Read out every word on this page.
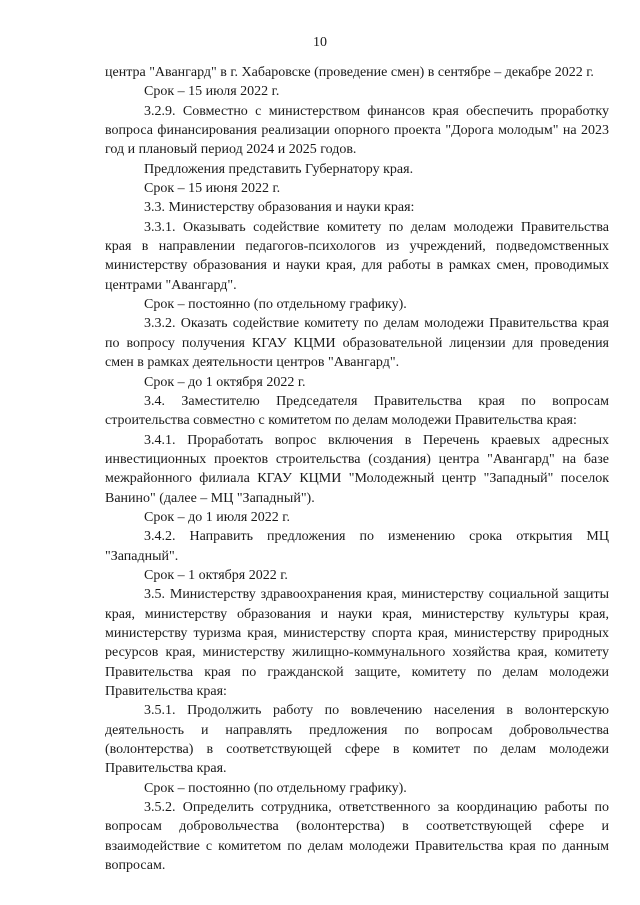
10

центра "Авангард" в г. Хабаровске (проведение смен) в сентябре – декабре 2022 г.

Срок – 15 июля 2022 г.

3.2.9. Совместно с министерством финансов края обеспечить проработку вопроса финансирования реализации опорного проекта "Дорога молодым" на 2023 год и плановый период 2024 и 2025 годов.

Предложения представить Губернатору края.

Срок – 15 июня 2022 г.

3.3. Министерству образования и науки края:

3.3.1. Оказывать содействие комитету по делам молодежи Правительства края в направлении педагогов-психологов из учреждений, подведомственных министерству образования и науки края, для работы в рамках смен, проводимых центрами "Авангард".

Срок – постоянно (по отдельному графику).

3.3.2. Оказать содействие комитету по делам молодежи Правительства края по вопросу получения КГАУ КЦМИ образовательной лицензии для проведения смен в рамках деятельности центров "Авангард".

Срок – до 1 октября 2022 г.

3.4. Заместителю Председателя Правительства края по вопросам строительства совместно с комитетом по делам молодежи Правительства края:

3.4.1. Проработать вопрос включения в Перечень краевых адресных инвестиционных проектов строительства (создания) центра "Авангард" на базе межрайонного филиала КГАУ КЦМИ "Молодежный центр "Западный" поселок Ванино" (далее – МЦ "Западный").

Срок – до 1 июля 2022 г.

3.4.2. Направить предложения по изменению срока открытия МЦ "Западный".

Срок – 1 октября 2022 г.

3.5. Министерству здравоохранения края, министерству социальной защиты края, министерству образования и науки края, министерству культуры края, министерству туризма края, министерству спорта края, министерству природных ресурсов края, министерству жилищно-коммунального хозяйства края, комитету Правительства края по гражданской защите, комитету по делам молодежи Правительства края:

3.5.1. Продолжить работу по вовлечению населения в волонтерскую деятельность и направлять предложения по вопросам добровольчества (волонтерства) в соответствующей сфере в комитет по делам молодежи Правительства края.

Срок – постоянно (по отдельному графику).

3.5.2. Определить сотрудника, ответственного за координацию работы по вопросам добровольчества (волонтерства) в соответствующей сфере и взаимодействие с комитетом по делам молодежи Правительства края по данным вопросам.
